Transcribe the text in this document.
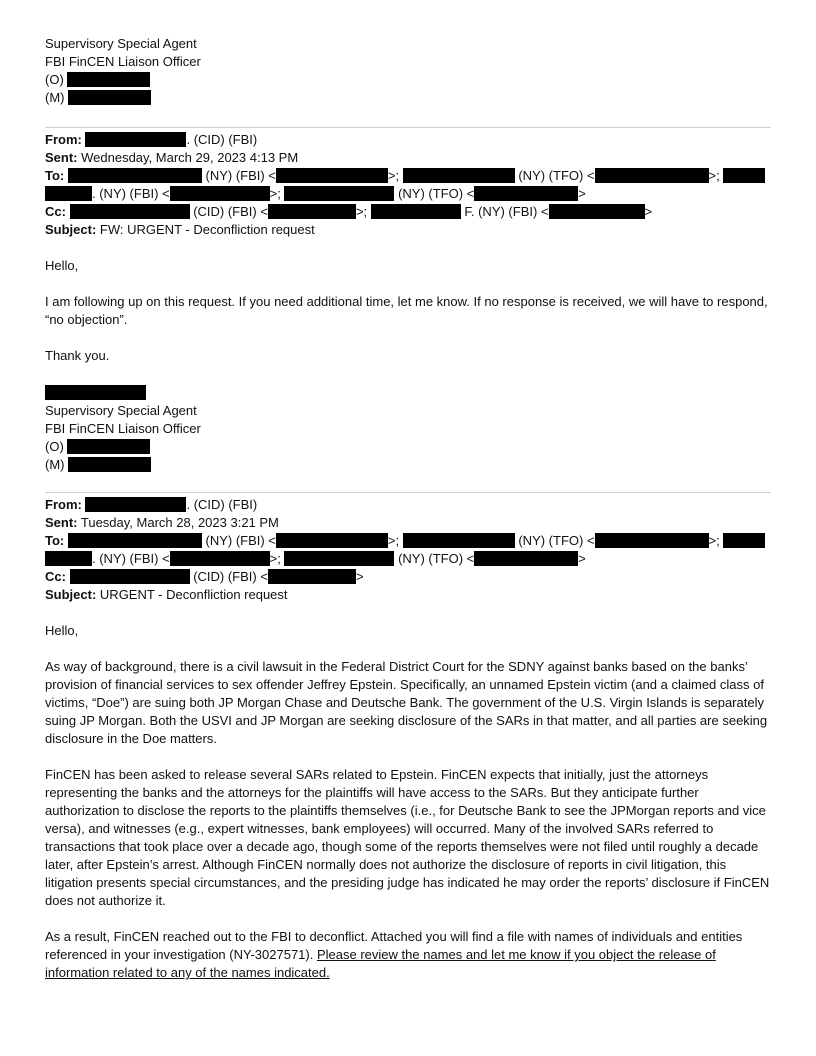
Supervisory Special Agent
FBI FinCEN Liaison Officer
(O)
(M)
From:	. (CID) (FBI)
Sent: Wednesday, March 29, 2023 4:13 PM
To:	(NY) (FBI) <	>;	(NY) (TFO) <	>;
. (NY) (FBI) <	>;	(NY) (TFO) <	>
Cc:	(CID) (FBI) <	>;	F. (NY) (FBI) <	>
Subject: FW: URGENT - Deconfliction request

Hello,

I am following up on this request. If you need additional time, let me know. If no response is received, we will have to respond, “no objection”.

Thank you.

Supervisory Special Agent
FBI FinCEN Liaison Officer
(O)
(M)
From:	. (CID) (FBI)
Sent: Tuesday, March 28, 2023 3:21 PM
To:	(NY) (FBI) <	>;	(NY) (TFO) <	>;
. (NY) (FBI) <	>;	(NY) (TFO) <	>
Cc:	(CID) (FBI) <	>
Subject: URGENT - Deconfliction request

Hello,

As way of background, there is a civil lawsuit in the Federal District Court for the SDNY against banks based on the banks’ provision of financial services to sex offender Jeffrey Epstein. Specifically, an unnamed Epstein victim (and a claimed class of victims, “Doe”) are suing both JP Morgan Chase and Deutsche Bank. The government of the U.S. Virgin Islands is separately suing JP Morgan. Both the USVI and JP Morgan are seeking disclosure of the SARs in that matter, and all parties are seeking disclosure in the Doe matters.

FinCEN has been asked to release several SARs related to Epstein. FinCEN expects that initially, just the attorneys representing the banks and the attorneys for the plaintiffs will have access to the SARs. But they anticipate further authorization to disclose the reports to the plaintiffs themselves (i.e., for Deutsche Bank to see the JPMorgan reports and vice versa), and witnesses (e.g., expert witnesses, bank employees) will occurred. Many of the involved SARs referred to transactions that took place over a decade ago, though some of the reports themselves were not filed until roughly a decade later, after Epstein’s arrest. Although FinCEN normally does not authorize the disclosure of reports in civil litigation, this litigation presents special circumstances, and the presiding judge has indicated he may order the reports’ disclosure if FinCEN does not authorize it.

As a result, FinCEN reached out to the FBI to deconflict. Attached you will find a file with names of individuals and entities referenced in your investigation (NY-3027571). Please review the names and let me know if you object the release of information related to any of the names indicated.
